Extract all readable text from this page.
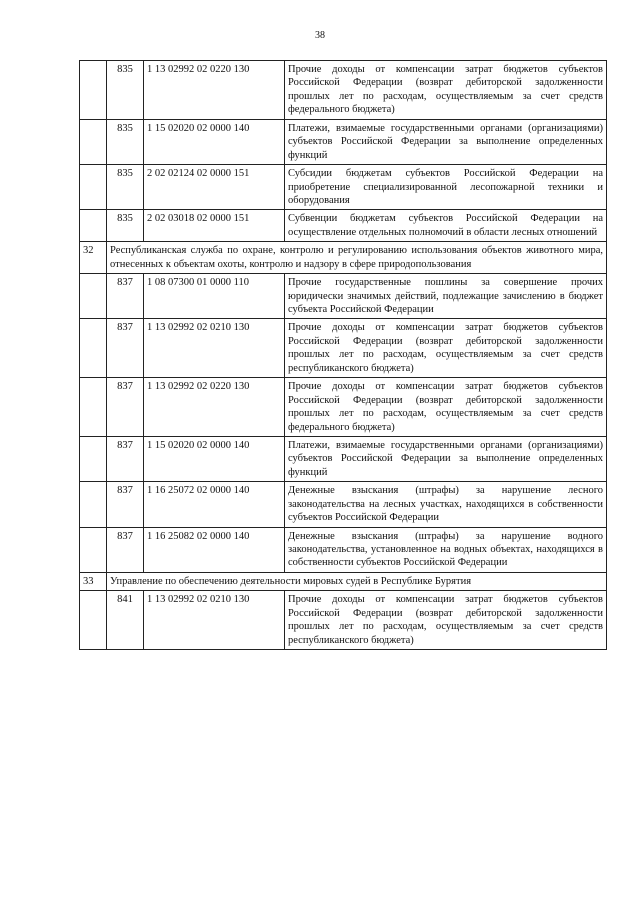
38
	835	1 13 02992 02 0220 130	Прочие доходы от компенсации затрат бюджетов субъектов Российской Федерации (возврат дебиторской задолженности прошлых лет по расходам, осуществляемым за счет средств федерального бюджета)
	835	1 15 02020 02 0000 140	Платежи, взимаемые государственными органами (организациями) субъектов Российской Федерации за выполнение определенных функций
	835	2 02 02124 02 0000 151	Субсидии бюджетам субъектов Российской Федерации на приобретение специализированной лесопожарной техники и оборудования
	835	2 02 03018 02 0000 151	Субвенции бюджетам субъектов Российской Федерации на осуществление отдельных полномочий в области лесных отношений
32	Республиканская служба по охране, контролю и регулированию использования объектов животного мира, отнесенных к объектам охоты, контролю и надзору в сфере природопользования		
	837	1 08 07300 01 0000 110	Прочие государственные пошлины за совершение прочих юридически значимых действий, подлежащие зачислению в бюджет субъекта Российской Федерации
	837	1 13 02992 02 0210 130	Прочие доходы от компенсации затрат бюджетов субъектов Российской Федерации (возврат дебиторской задолженности прошлых лет по расходам, осуществляемым за счет средств республиканского бюджета)
	837	1 13 02992 02 0220 130	Прочие доходы от компенсации затрат бюджетов субъектов Российской Федерации (возврат дебиторской задолженности прошлых лет по расходам, осуществляемым за счет средств федерального бюджета)
	837	1 15 02020 02 0000 140	Платежи, взимаемые государственными органами (организациями) субъектов Российской Федерации за выполнение определенных функций
	837	1 16 25072 02 0000 140	Денежные взыскания (штрафы) за нарушение лесного законодательства на лесных участках, находящихся в собственности субъектов Российской Федерации
	837	1 16 25082 02 0000 140	Денежные взыскания (штрафы) за нарушение водного законодательства, установленное на водных объектах, находящихся в собственности субъектов Российской Федерации
33	Управление по обеспечению деятельности мировых судей в Республике Бурятия		
	841	1 13 02992 02 0210 130	Прочие доходы от компенсации затрат бюджетов субъектов Российской Федерации (возврат дебиторской задолженности прошлых лет по расходам, осуществляемым за счет средств республиканского бюджета)
